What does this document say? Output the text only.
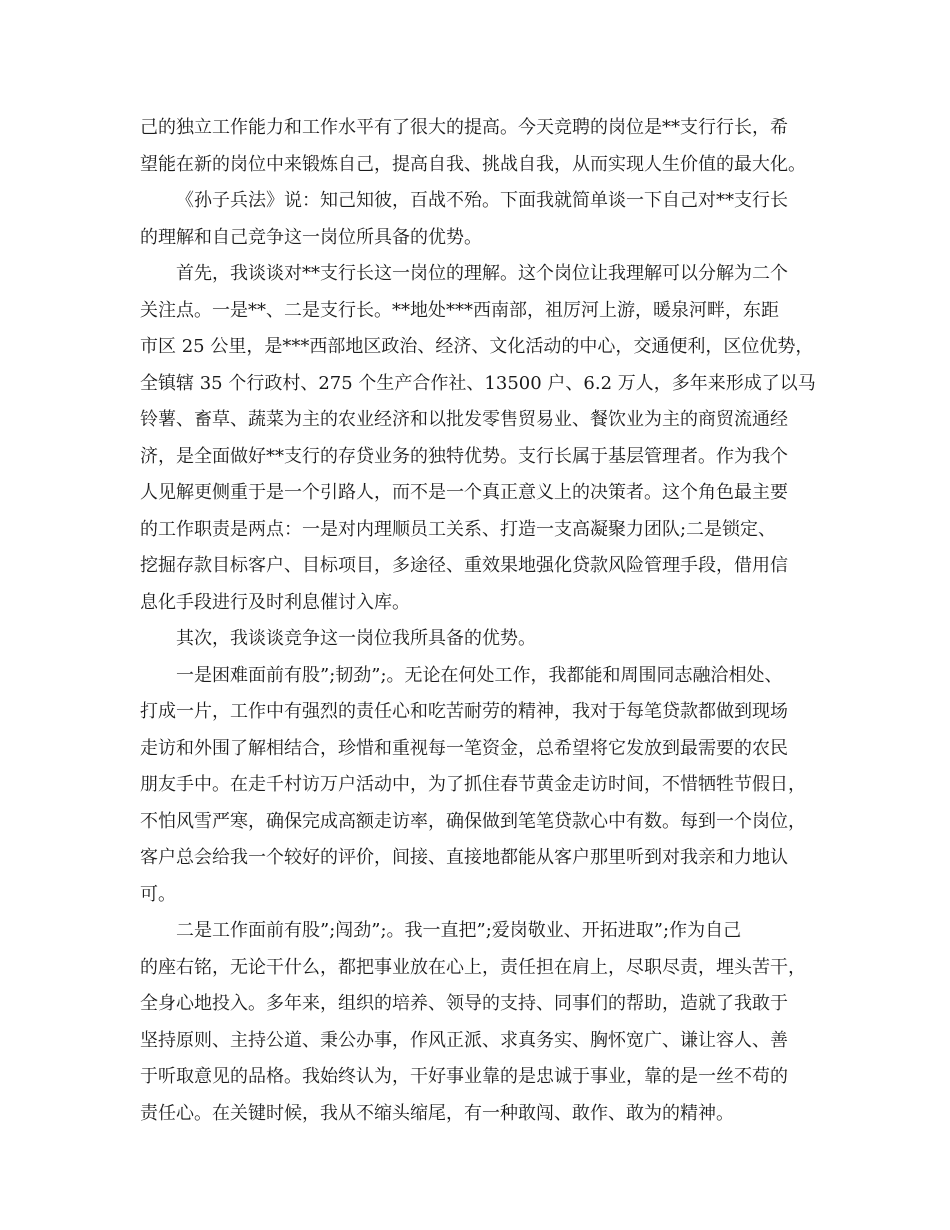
己的独立工作能力和工作水平有了很大的提高。今天竞聘的岗位是**支行行长，希
望能在新的岗位中来锻炼自己，提高自我、挑战自我，从而实现人生价值的最大化。
《孙子兵法》说：知己知彼，百战不殆。下面我就简单谈一下自己对**支行长
的理解和自己竞争这一岗位所具备的优势。
首先，我谈谈对**支行长这一岗位的理解。这个岗位让我理解可以分解为二个
关注点。一是**、二是支行长。**地处***西南部，祖厉河上游，暖泉河畔，东距
市区 25 公里，是***西部地区政治、经济、文化活动的中心，交通便利，区位优势，
全镇辖 35 个行政村、275 个生产合作社、13500 户、6.2 万人，多年来形成了以马
铃薯、畜草、蔬菜为主的农业经济和以批发零售贸易业、餐饮业为主的商贸流通经
济，是全面做好**支行的存贷业务的独特优势。支行长属于基层管理者。作为我个
人见解更侧重于是一个引路人，而不是一个真正意义上的决策者。这个角色最主要
的工作职责是两点：一是对内理顺员工关系、打造一支高凝聚力团队;二是锁定、
挖掘存款目标客户、目标项目，多途径、重效果地强化贷款风险管理手段，借用信
息化手段进行及时利息催讨入库。
其次，我谈谈竞争这一岗位我所具备的优势。
一是困难面前有股”;韧劲”;。无论在何处工作，我都能和周围同志融洽相处、
打成一片，工作中有强烈的责任心和吃苦耐劳的精神，我对于每笔贷款都做到现场
走访和外围了解相结合，珍惜和重视每一笔资金，总希望将它发放到最需要的农民
朋友手中。在走千村访万户活动中，为了抓住春节黄金走访时间，不惜牺牲节假日，
不怕风雪严寒，确保完成高额走访率，确保做到笔笔贷款心中有数。每到一个岗位，
客户总会给我一个较好的评价，间接、直接地都能从客户那里听到对我亲和力地认
可。
二是工作面前有股”;闯劲”;。我一直把”;爱岗敬业、开拓进取”;作为自己
的座右铭，无论干什么，都把事业放在心上，责任担在肩上，尽职尽责，埋头苦干，
全身心地投入。多年来，组织的培养、领导的支持、同事们的帮助，造就了我敢于
坚持原则、主持公道、秉公办事，作风正派、求真务实、胸怀宽广、谦让容人、善
于听取意见的品格。我始终认为，干好事业靠的是忠诚于事业，靠的是一丝不苟的
责任心。在关键时候，我从不缩头缩尾，有一种敢闯、敢作、敢为的精神。
